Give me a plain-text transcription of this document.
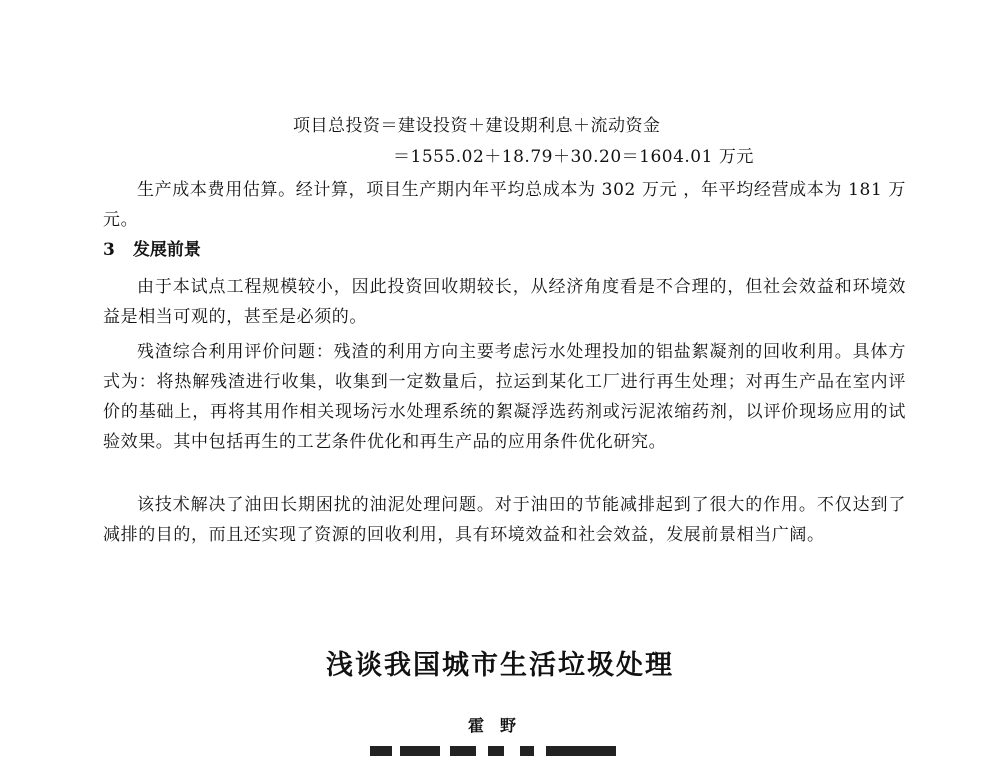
项目总投资＝建设投资＋建设期利息＋流动资金
＝1555.02＋18.79＋30.20＝1604.01 万元
生产成本费用估算。经计算，项目生产期内年平均总成本为 302 万元 ，年平均经营成本为 181 万元。
3 发展前景
由于本试点工程规模较小，因此投资回收期较长，从经济角度看是不合理的，但社会效益和环境效益是相当可观的，甚至是必须的。
残渣综合利用评价问题：残渣的利用方向主要考虑污水处理投加的铝盐絮凝剂的回收利用。具体方式为：将热解残渣进行收集，收集到一定数量后，拉运到某化工厂进行再生处理；对再生产品在室内评价的基础上，再将其用作相关现场污水处理系统的絮凝浮选药剂或污泥浓缩药剂，以评价现场应用的试验效果。其中包括再生的工艺条件优化和再生产品的应用条件优化研究。
该技术解决了油田长期困扰的油泥处理问题。对于油田的节能减排起到了很大的作用。不仅达到了减排的目的，而且还实现了资源的回收利用，具有环境效益和社会效益，发展前景相当广阔。
浅谈我国城市生活垃圾处理
霍野
